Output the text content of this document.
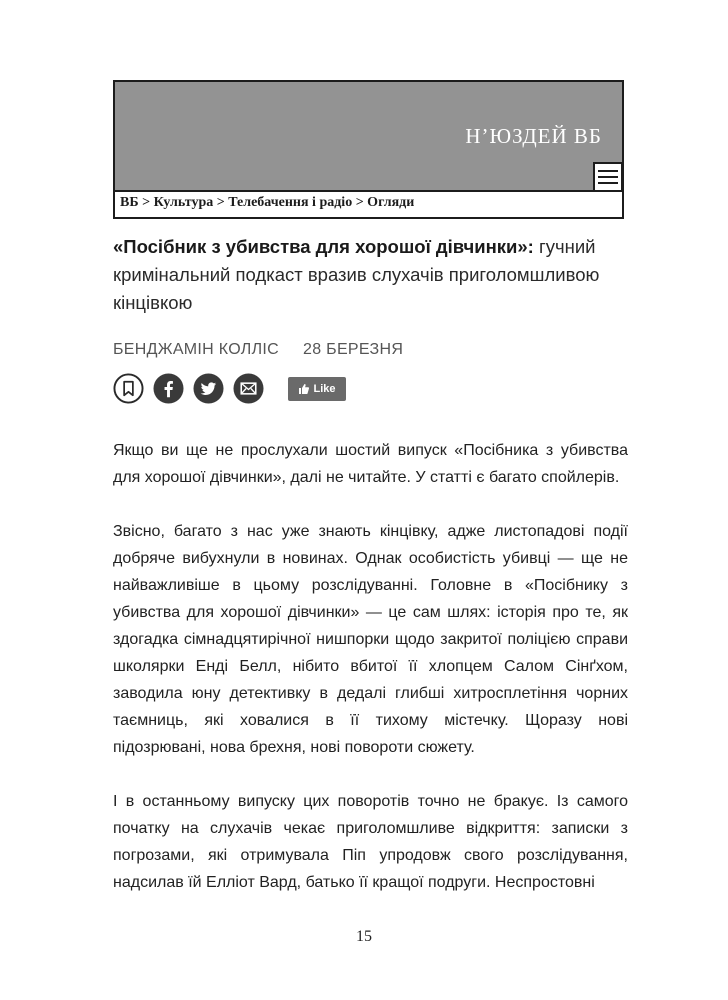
Н’ЮЗДЕЙ ВБ
ВБ > Культура > Телебачення і радіо > Огляди
«Посібник з убивства для хорошої дівчинки»: гучний кримінальний подкаст вразив слухачів приголомшливою кінцівкою
БЕНДЖАМІН КОЛЛІС 28 БЕРЕЗНЯ
Like

Якщо ви ще не прослухали шостий випуск «Посібника з убивства для хорошої дівчинки», далі не читайте. У статті є багато спойлерів.

Звісно, багато з нас уже знають кінцівку, адже листопадові події добряче вибухнули в новинах. Однак особистість убивці — ще не найважливіше в цьому розслідуванні. Головне в «Посібнику з убивства для хорошої дівчинки» — це сам шлях: історія про те, як здогадка сімнадцятирічної нишпорки щодо закритої поліцією справи школярки Енді Белл, нібито вбитої її хлопцем Салом Сінґхом, заводила юну детективку в дедалі глибші хитросплетіння чорних таємниць, які ховалися в її тихому містечку. Щоразу нові підозрювані, нова брехня, нові повороти сюжету.

І в останньому випуску цих поворотів точно не бракує. Із самого початку на слухачів чекає приголомшливе відкриття: записки з погрозами, які отримувала Піп упродовж свого розслідування, надсилав їй Елліот Вард, батько її кращої подруги. Неспростовні

15
